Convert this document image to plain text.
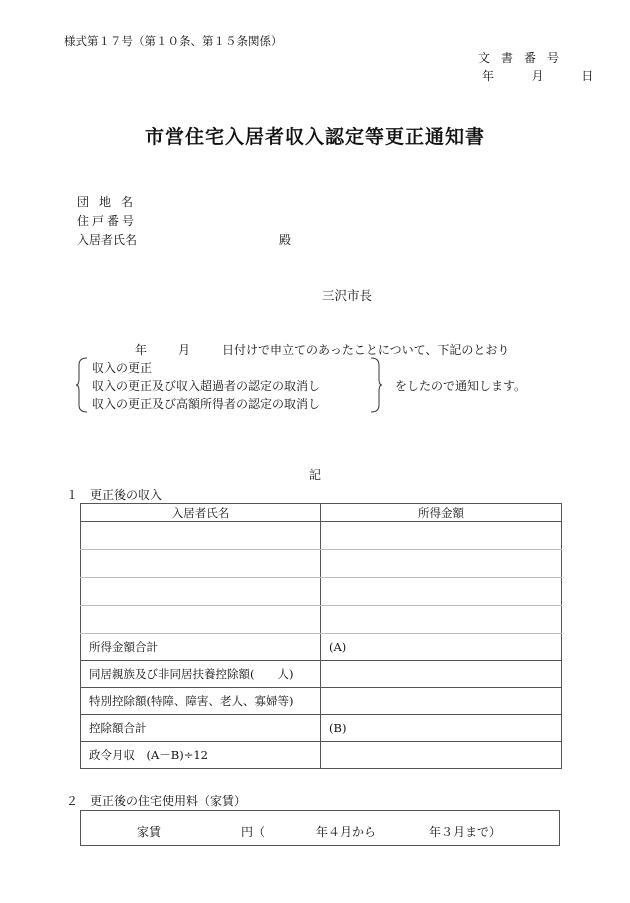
様式第１７号（第１０条、第１５条関係）
文書番号
年	月	日
市営住宅入居者収入認定等更正通知書
団地名
住戸番号
入居者氏名	殿
三沢市長
年	月	日付けで申立てのあったことについて、下記のとおり
収入の更正
収入の更正及び収入超過者の認定の取消し
収入の更正及び高額所得者の認定の取消し
をしたので通知します。
記
１　更正後の収入
入居者氏名	所得金額

所得金額合計	(A)
同居親族及び非同居扶養控除額(　　人)	
特別控除額(特障、障害、老人、寡婦等)	
控除額合計	(B)
政令月収　(A－B)÷12	
２　更正後の住宅使用料（家賃）
家賃	円（	年４月から	年３月まで）
